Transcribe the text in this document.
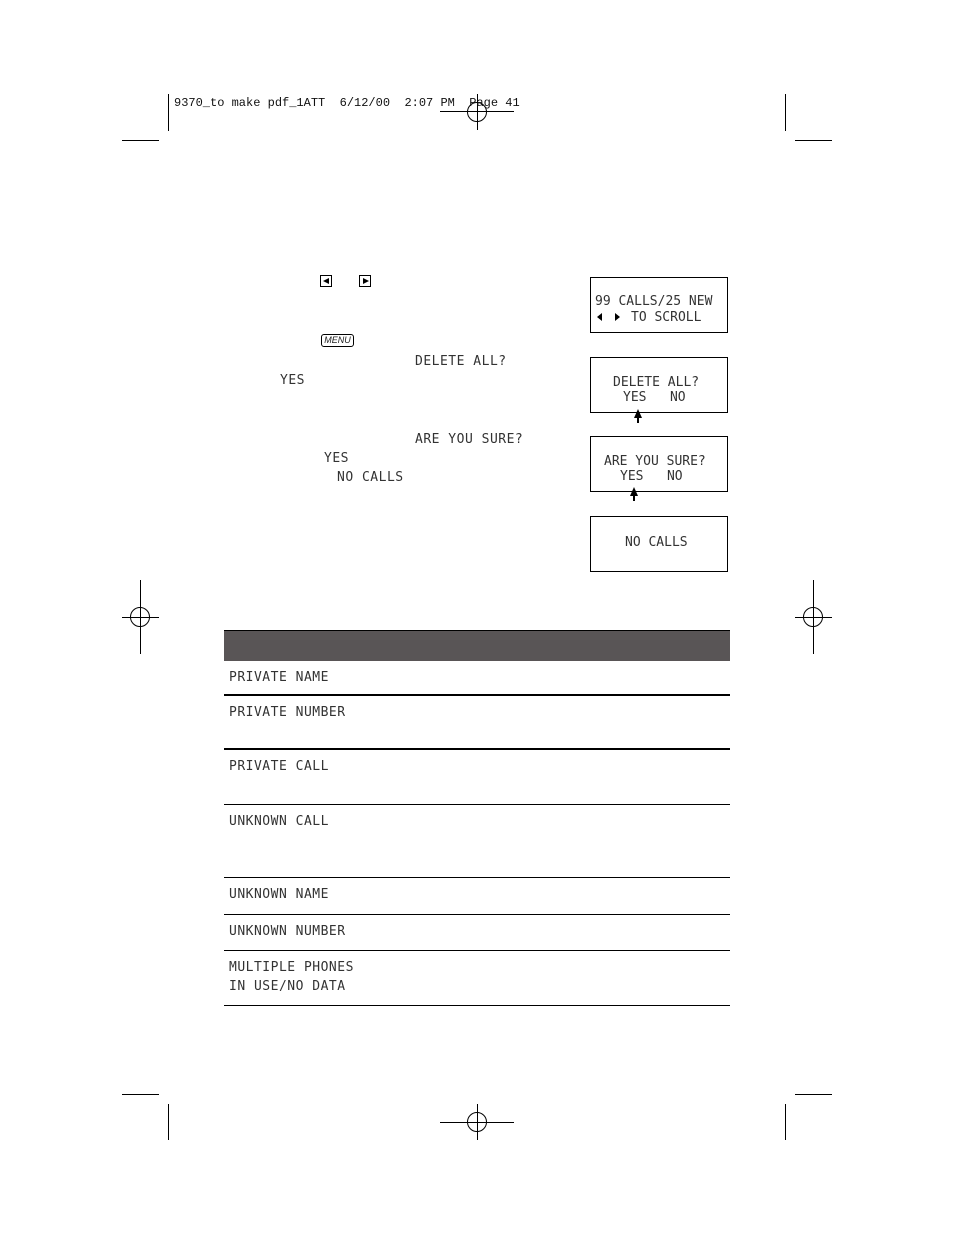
9370_to make pdf_1ATT  6/12/00  2:07 PM  Page 41
MENU
DELETE ALL?
YES
ARE YOU SURE?
YES
NO CALLS

99 CALLS/25 NEW

TO SCROLL

DELETE ALL?

YES   NO

ARE YOU SURE?

YES   NO

NO CALLS

PRIVATE NAME
PRIVATE NUMBER
PRIVATE CALL
UNKNOWN CALL
UNKNOWN NAME
UNKNOWN NUMBER
MULTIPLE PHONES
IN USE/NO DATA
